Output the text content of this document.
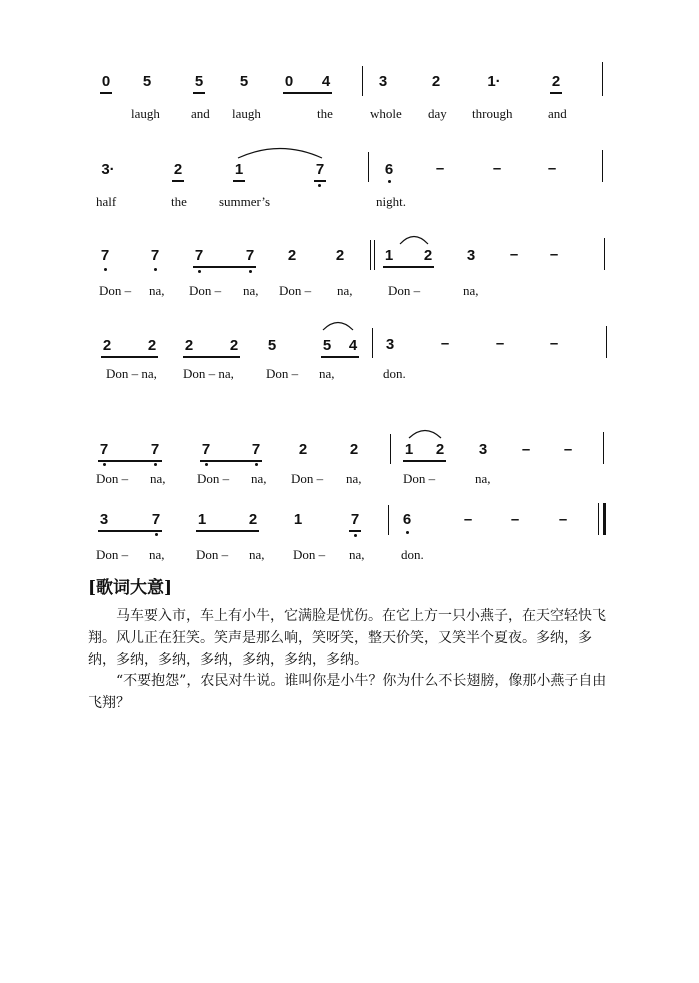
0 5	5 5 0 4	3	2	1·	2
laugh and laugh	the	whole day through	and
3·	2	1	7	6	–	–	–
half	the summer’s	night.
7	7 7	7 2	2	1 2 3 – –
Don – na, Don – na, Don – na,	Don –	na,
2 2 2 2 5	5 4 3	–	–	–
Don – na, Don – na, Don – na,	don.
7	7	7	7	2	2	1 2 3 – –
Don – na, Don – na, Don – na,	Don –	na,
3	7	1	2 1	7	6	–	–	–
Don – na, Don – na, Don – na,	don.
[歌词大意]

马车要入市，车上有小牛，它满脸是忧伤。在它上方一只小燕子，在天空轻快飞翔。风儿正在狂笑。笑声是那么响，笑呀笑，整天价笑，又笑半个夏夜。多纳，多纳，多纳，多纳，多纳，多纳，多纳，多纳。

“不要抱怨”，农民对牛说。谁叫你是小牛？你为什么不长翅膀，像那小燕子自由飞翔？
